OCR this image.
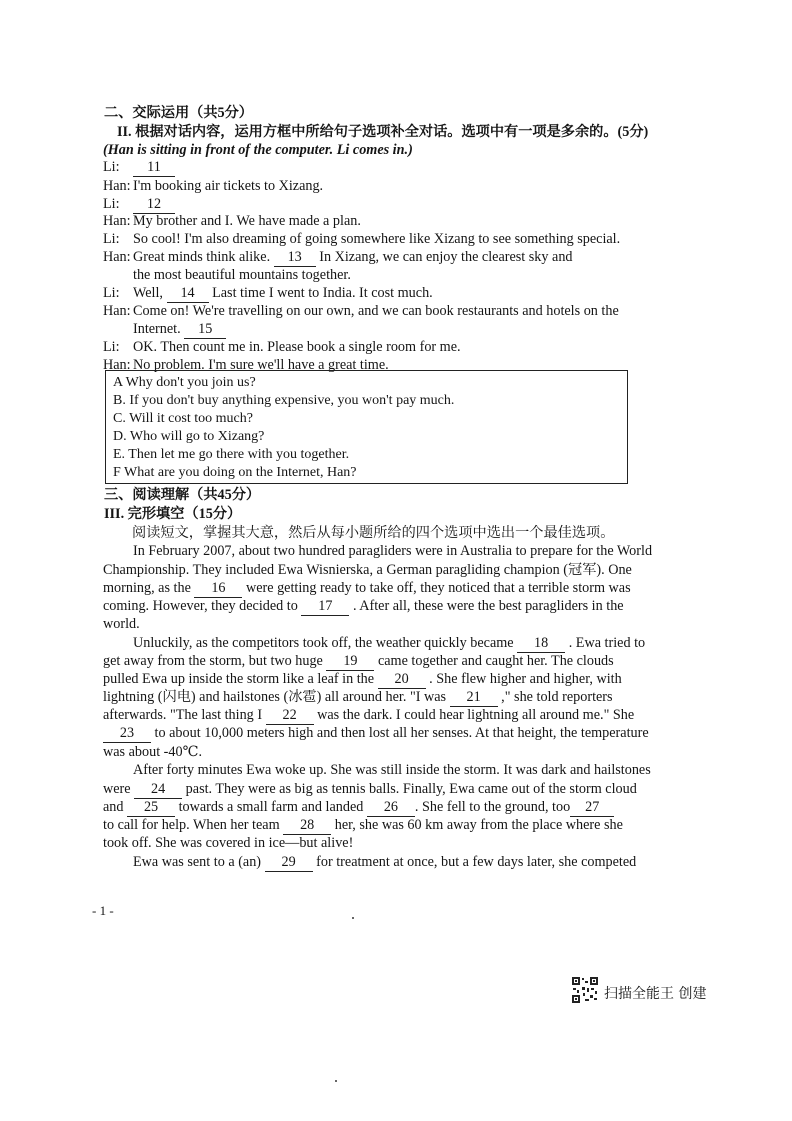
二、交际运用（共5分）
II. 根据对话内容，运用方框中所给句子选项补全对话。选项中有一项是多余的。(5分)
(Han is sitting in front of the computer. Li comes in.)
Li: 11
Han: I'm booking air tickets to Xizang.
Li: 12
Han: My brother and I. We have made a plan.
Li: So cool! I'm also dreaming of going somewhere like Xizang to see something special.
Han: Great minds think alike. 13 In Xizang, we can enjoy the clearest sky and
the most beautiful mountains together.
Li: Well, 14 Last time I went to India. It cost much.
Han: Come on! We're travelling on our own, and we can book restaurants and hotels on the
Internet. 15
Li: OK. Then count me in. Please book a single room for me.
Han: No problem. I'm sure we'll have a great time.
A Why don't you join us?
B. If you don't buy anything expensive, you won't pay much.
C. Will it cost too much?
D. Who will go to Xizang?
E. Then let me go there with you together.
F What are you doing on the Internet, Han?
三、阅读理解（共45分）
III. 完形填空（15分）
阅读短文，掌握其大意，然后从每小题所给的四个选项中选出一个最佳选项。
In February 2007, about two hundred paragliders were in Australia to prepare for the World
Championship. They included Ewa Wisnierska, a German paragliding champion (冠军). One
morning, as the 16 were getting ready to take off, they noticed that a terrible storm was
coming. However, they decided to 17 . After all, these were the best paragliders in the
world.
Unluckily, as the competitors took off, the weather quickly became 18 . Ewa tried to
get away from the storm, but two huge 19 came together and caught her. The clouds
pulled Ewa up inside the storm like a leaf in the 20 . She flew higher and higher, with
lightning (闪电) and hailstones (冰雹) all around her. "I was 21 ," she told reporters
afterwards. "The last thing I 22 was the dark. I could hear lightning all around me." She
23 to about 10,000 meters high and then lost all her senses. At that height, the temperature
was about -40℃.
After forty minutes Ewa woke up. She was still inside the storm. It was dark and hailstones
were 24 past. They were as big as tennis balls. Finally, Ewa came out of the storm cloud
and 25 towards a small farm and landed 26 . She fell to the ground, too 27
to call for help. When her team 28 her, she was 60 km away from the place where she
took off. She was covered in ice—but alive!
Ewa was sent to a (an) 29 for treatment at once, but a few days later, she competed
- 1 -
扫描全能王 创建
